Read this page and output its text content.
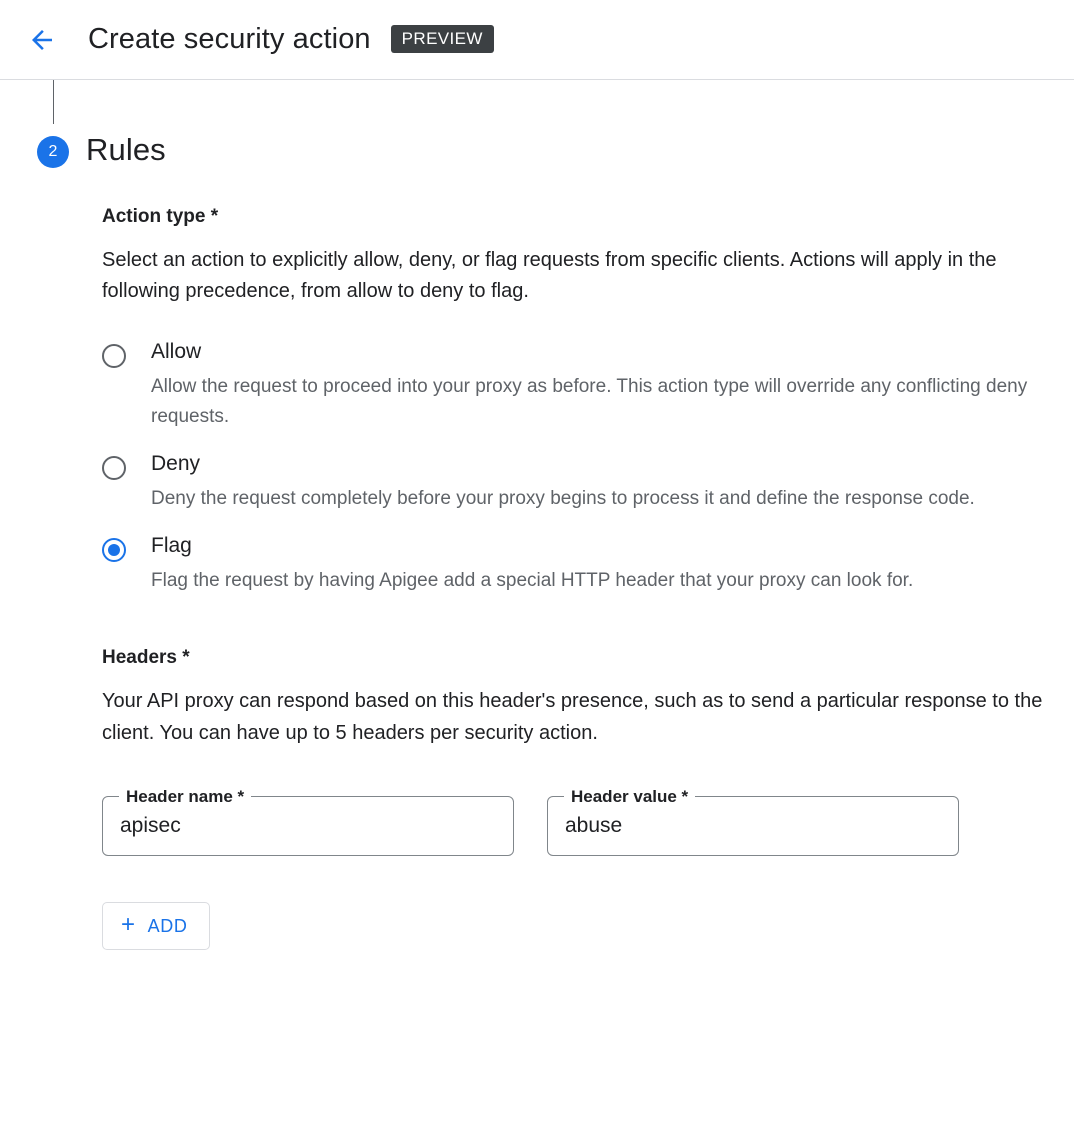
Create security action	PREVIEW
2 Rules
Action type *
Select an action to explicitly allow, deny, or flag requests from specific clients. Actions will apply in the following precedence, from allow to deny to flag.
Allow
Allow the request to proceed into your proxy as before. This action type will override any conflicting deny requests.
Deny
Deny the request completely before your proxy begins to process it and define the response code.
Flag
Flag the request by having Apigee add a special HTTP header that your proxy can look for.
Headers *
Your API proxy can respond based on this header's presence, such as to send a particular response to the client. You can have up to 5 headers per security action.
Header name *
apisec	Header value *
abuse
+ ADD
